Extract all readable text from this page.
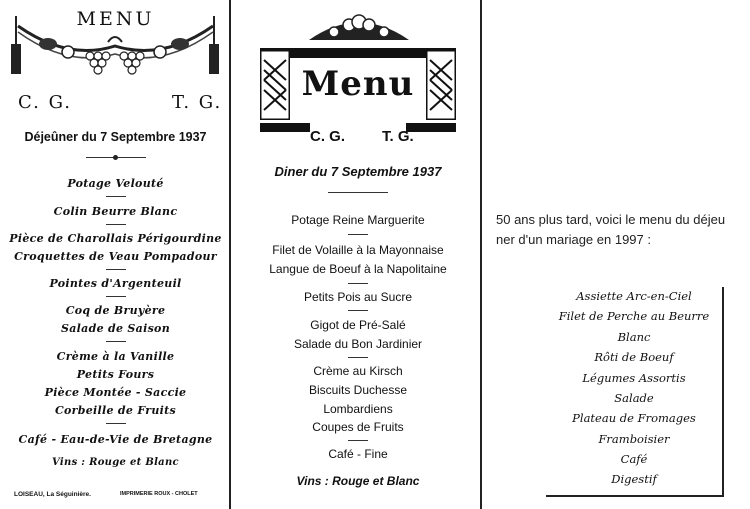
MENU
C. G.	T. G.
Déjeûner du 7 Septembre 1937
Potage Velouté
Colin Beurre Blanc
Pièce de Charollais Périgourdine
Croquettes de Veau Pompadour
Pointes d'Argenteuil
Coq de Bruyère
Salade de Saison
Crème à la Vanille
Petits Fours
Pièce Montée - Saccie
Corbeille de Fruits
Café - Eau-de-Vie de Bretagne
Vins : Rouge et Blanc
LOISEAU, La Séguinière.	IMPRIMERIE ROUX - CHOLET
Menu
C. G. T. G.
Diner du 7 Septembre 1937
Potage Reine Marguerite
Filet de Volaille à la Mayonnaise
Langue de Boeuf à la Napolitaine
Petits Pois au Sucre
Gigot de Pré-Salé
Salade du Bon Jardinier
Crème au Kirsch
Biscuits Duchesse
Lombardiens
Coupes de Fruits
Café - Fine
Vins : Rouge et Blanc
50 ans plus tard, voici le menu du déjeu
ner d'un mariage en 1997 :
Assiette Arc-en-Ciel
Filet de Perche au Beurre
Blanc
Rôti de Boeuf
Légumes Assortis
Salade
Plateau de Fromages
Framboisier
Café
Digestif
